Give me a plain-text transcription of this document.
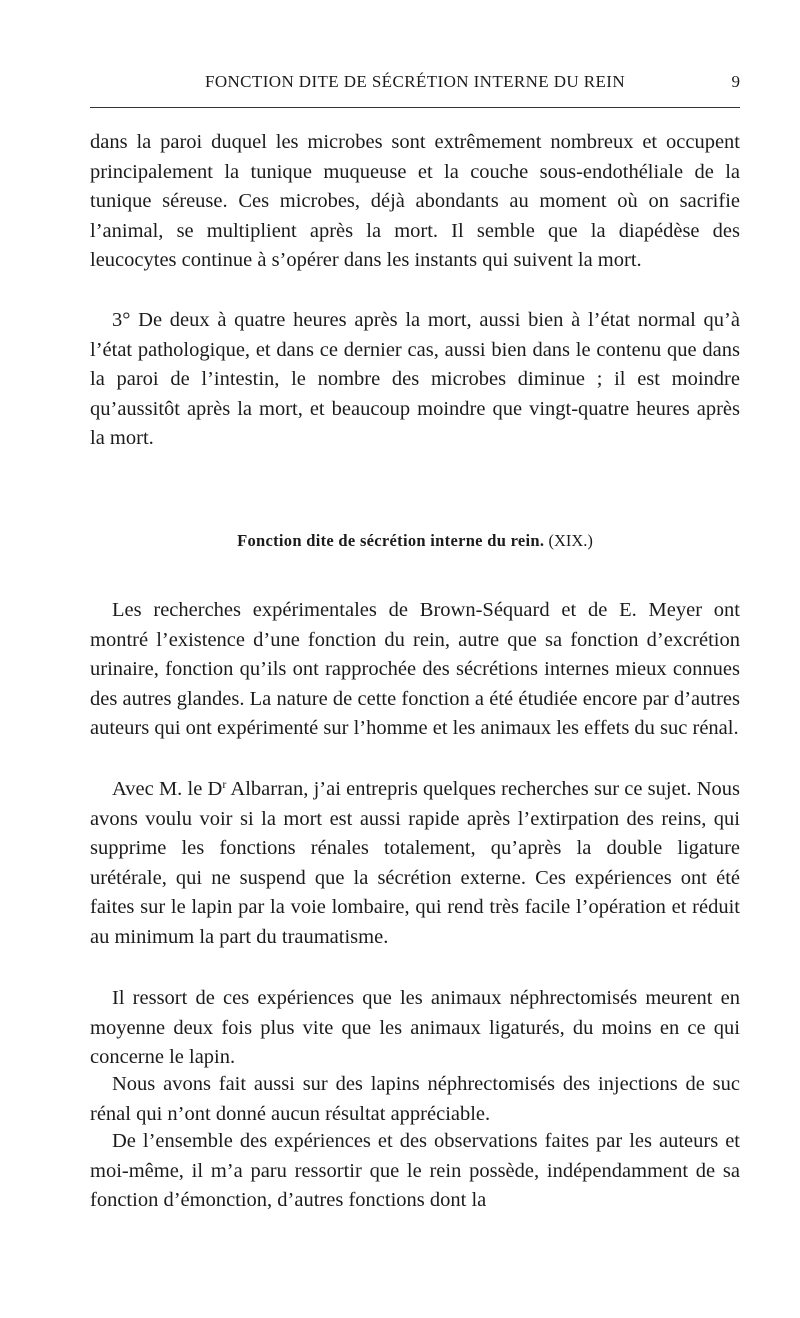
FONCTION DITE DE SÉCRÉTION INTERNE DU REIN	9

dans la paroi duquel les microbes sont extrêmement nombreux et occupent principalement la tunique muqueuse et la couche sous-endothéliale de la tunique séreuse. Ces microbes, déjà abondants au moment où on sacrifie l’animal, se multiplient après la mort. Il semble que la diapédèse des leucocytes continue à s’opérer dans les instants qui suivent la mort.

3° De deux à quatre heures après la mort, aussi bien à l’état normal qu’à l’état pathologique, et dans ce dernier cas, aussi bien dans le contenu que dans la paroi de l’intestin, le nombre des microbes diminue ; il est moindre qu’aussitôt après la mort, et beaucoup moindre que vingt-quatre heures après la mort.

Fonction dite de sécrétion interne du rein. (XIX.)

Les recherches expérimentales de Brown-Séquard et de E. Meyer ont montré l’existence d’une fonction du rein, autre que sa fonction d’excrétion urinaire, fonction qu’ils ont rapprochée des sécrétions internes mieux connues des autres glandes. La nature de cette fonction a été étudiée encore par d’autres auteurs qui ont expérimenté sur l’homme et les animaux les effets du suc rénal.

Avec M. le $D^r$ Albarran, j’ai entrepris quelques recherches sur ce sujet. Nous avons voulu voir si la mort est aussi rapide après l’extirpation des reins, qui supprime les fonctions rénales totalement, qu’après la double ligature urétérale, qui ne suspend que la sécrétion externe. Ces expériences ont été faites sur le lapin par la voie lombaire, qui rend très facile l’opération et réduit au minimum la part du traumatisme.

Il ressort de ces expériences que les animaux néphrectomisés meurent en moyenne deux fois plus vite que les animaux ligaturés, du moins en ce qui concerne le lapin.

Nous avons fait aussi sur des lapins néphrectomisés des injections de suc rénal qui n’ont donné aucun résultat appréciable.

De l’ensemble des expériences et des observations faites par les auteurs et moi-même, il m’a paru ressortir que le rein possède, indépendamment de sa fonction d’émonction, d’autres fonctions dont la
